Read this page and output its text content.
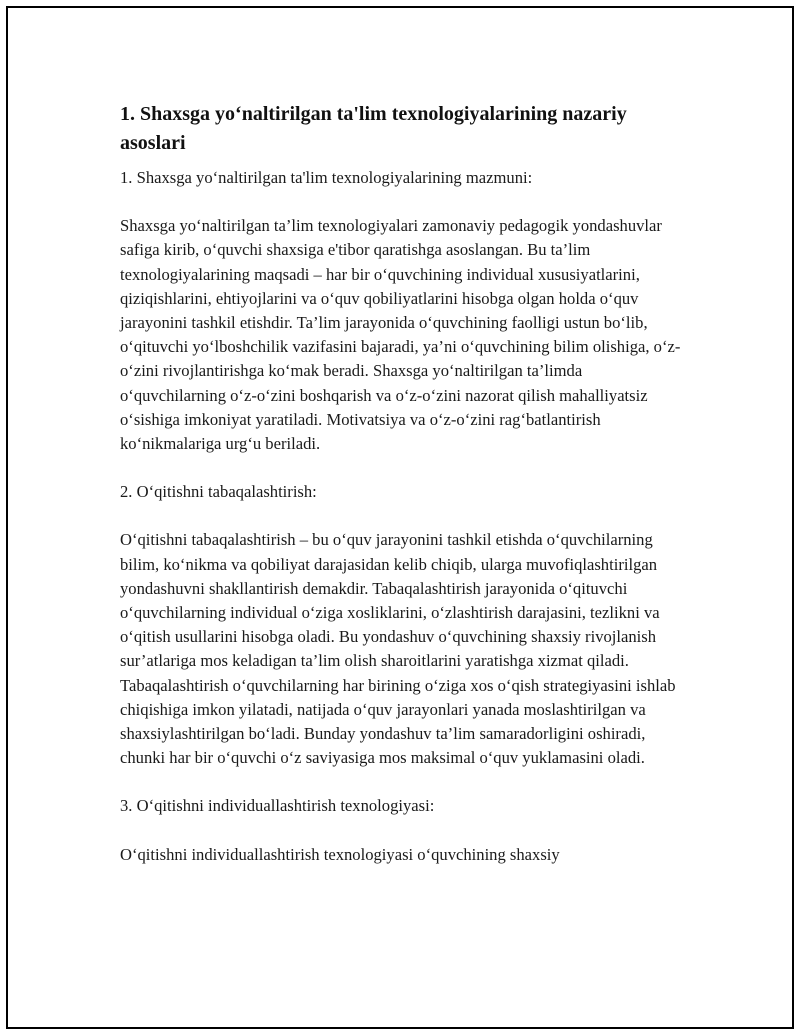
1. Shaxsga yo‘naltirilgan ta'lim texnologiyalarining nazariy asoslari

1. Shaxsga yo‘naltirilgan ta'lim texnologiyalarining mazmuni:

Shaxsga yo‘naltirilgan ta’lim texnologiyalari zamonaviy pedagogik yondashuvlar safiga kirib, o‘quvchi shaxsiga e'tibor qaratishga asoslangan. Bu ta’lim texnologiyalarining maqsadi – har bir o‘quvchining individual xususiyatlarini, qiziqishlarini, ehtiyojlarini va o‘quv qobiliyatlarini hisobga olgan holda o‘quv jarayonini tashkil etishdir. Ta’lim jarayonida o‘quvchining faolligi ustun bo‘lib, o‘qituvchi yo‘lboshchilik vazifasini bajaradi, ya’ni o‘quvchining bilim olishiga, o‘z-o‘zini rivojlantirishga ko‘mak beradi. Shaxsga yo‘naltirilgan ta’limda o‘quvchilarning o‘z-o‘zini boshqarish va o‘z-o‘zini nazorat qilish mahalliyatsiz o‘sishiga imkoniyat yaratiladi. Motivatsiya va o‘z-o‘zini rag‘batlantirish ko‘nikmalariga urg‘u beriladi.

2. O‘qitishni tabaqalashtirish:

O‘qitishni tabaqalashtirish – bu o‘quv jarayonini tashkil etishda o‘quvchilarning bilim, ko‘nikma va qobiliyat darajasidan kelib chiqib, ularga muvofiqlashtirilgan yondashuvni shakllantirish demakdir. Tabaqalashtirish jarayonida o‘qituvchi o‘quvchilarning individual o‘ziga xosliklarini, o‘zlashtirish darajasini, tezlikni va o‘qitish usullarini hisobga oladi. Bu yondashuv o‘quvchining shaxsiy rivojlanish sur’atlariga mos keladigan ta’lim olish sharoitlarini yaratishga xizmat qiladi. Tabaqalashtirish o‘quvchilarning har birining o‘ziga xos o‘qish strategiyasini ishlab chiqishiga imkon yilatadi, natijada o‘quv jarayonlari yanada moslashtirilgan va shaxsiylashtirilgan bo‘ladi. Bunday yondashuv ta’lim samaradorligini oshiradi, chunki har bir o‘quvchi o‘z saviyasiga mos maksimal o‘quv yuklamasini oladi.

3. O‘qitishni individuallashtirish texnologiyasi:

O‘qitishni individuallashtirish texnologiyasi o‘quvchining shaxsiy
